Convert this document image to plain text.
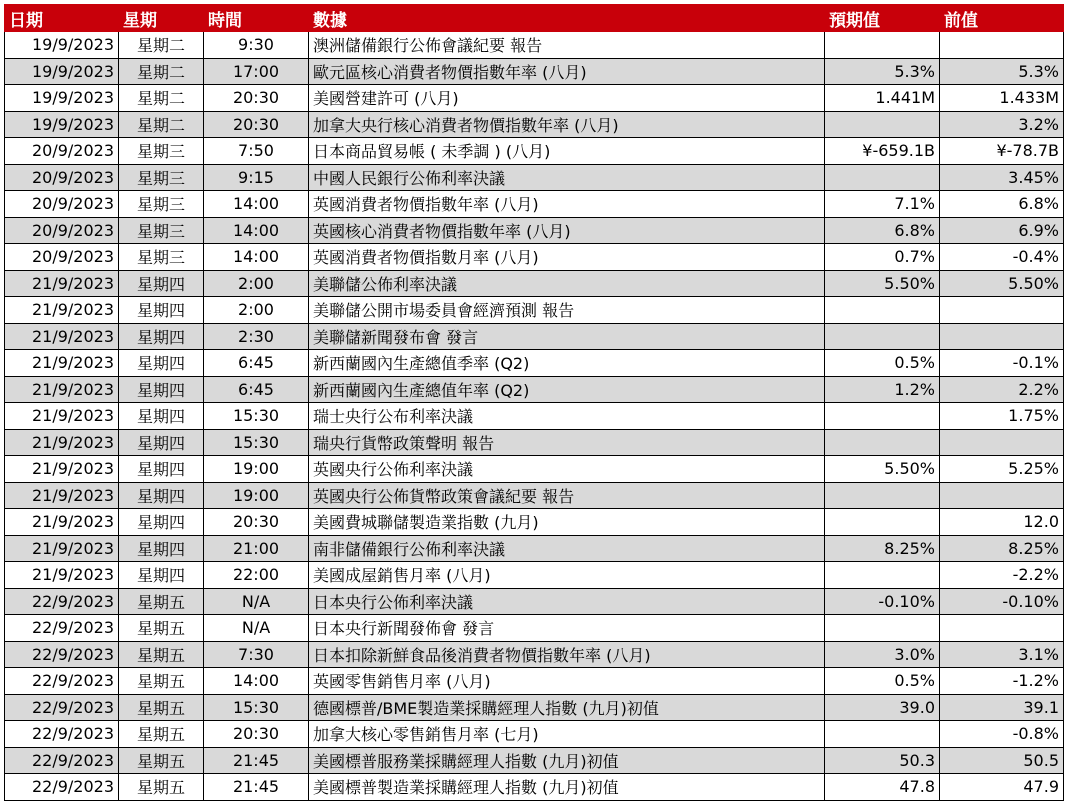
日期	星期	時間	數據	預期值	前值
19/9/2023	星期二	9:30	澳洲儲備銀行公佈會議紀要 報告		
19/9/2023	星期二	17:00	歐元區核心消費者物價指數年率 (八月)	5.3%	5.3%
19/9/2023	星期二	20:30	美國營建許可 (八月)	1.441M	1.433M
19/9/2023	星期二	20:30	加拿大央行核心消費者物價指數年率 (八月)		3.2%
20/9/2023	星期三	7:50	日本商品貿易帳 ( 未季調 ) (八月)	¥-659.1B	¥-78.7B
20/9/2023	星期三	9:15	中國人民銀行公佈利率決議		3.45%
20/9/2023	星期三	14:00	英國消費者物價指數年率 (八月)	7.1%	6.8%
20/9/2023	星期三	14:00	英國核心消費者物價指數年率 (八月)	6.8%	6.9%
20/9/2023	星期三	14:00	英國消費者物價指數月率 (八月)	0.7%	-0.4%
21/9/2023	星期四	2:00	美聯儲公佈利率決議	5.50%	5.50%
21/9/2023	星期四	2:00	美聯儲公開市場委員會經濟預測 報告		
21/9/2023	星期四	2:30	美聯儲新聞發布會 發言		
21/9/2023	星期四	6:45	新西蘭國內生產總值季率 (Q2)	0.5%	-0.1%
21/9/2023	星期四	6:45	新西蘭國內生產總值年率 (Q2)	1.2%	2.2%
21/9/2023	星期四	15:30	瑞士央行公布利率決議		1.75%
21/9/2023	星期四	15:30	瑞央行貨幣政策聲明 報告		
21/9/2023	星期四	19:00	英國央行公佈利率決議	5.50%	5.25%
21/9/2023	星期四	19:00	英國央行公佈貨幣政策會議紀要 報告		
21/9/2023	星期四	20:30	美國費城聯儲製造業指數 (九月)		12.0
21/9/2023	星期四	21:00	南非儲備銀行公佈利率決議	8.25%	8.25%
21/9/2023	星期四	22:00	美國成屋銷售月率 (八月)		-2.2%
22/9/2023	星期五	N/A	日本央行公佈利率決議	-0.10%	-0.10%
22/9/2023	星期五	N/A	日本央行新聞發佈會 發言		
22/9/2023	星期五	7:30	日本扣除新鮮食品後消費者物價指數年率 (八月)	3.0%	3.1%
22/9/2023	星期五	14:00	英國零售銷售月率 (八月)	0.5%	-1.2%
22/9/2023	星期五	15:30	德國標普/BME製造業採購經理人指數 (九月)初值	39.0	39.1
22/9/2023	星期五	20:30	加拿大核心零售銷售月率 (七月)		-0.8%
22/9/2023	星期五	21:45	美國標普服務業採購經理人指數 (九月)初值	50.3	50.5
22/9/2023	星期五	21:45	美國標普製造業採購經理人指數 (九月)初值	47.8	47.9
